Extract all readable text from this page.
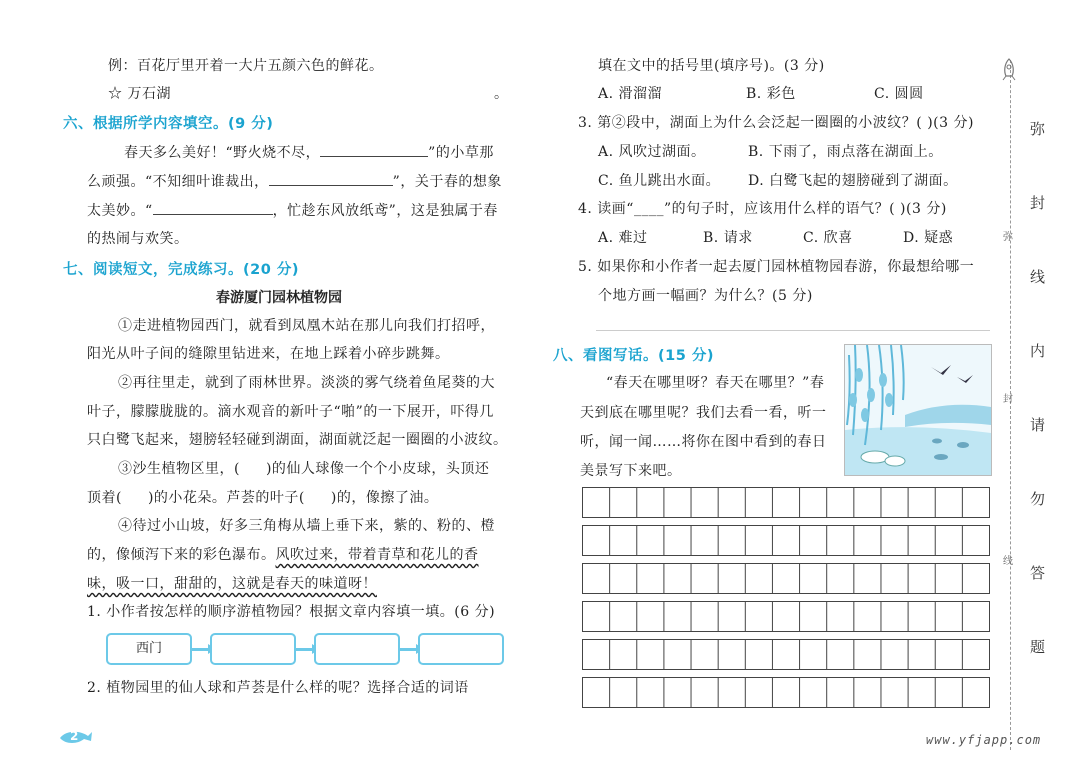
例：百花厅里开着一大片五颜六色的鲜花。
☆ 万石湖	。
六、根据所学内容填空。(9 分)
春天多么美好！“野火烧不尽，	”的小草那
么顽强。“不知细叶谁裁出，	”，关于春的想象
太美妙。“	，忙趁东风放纸鸢”，这是独属于春
的热闹与欢笑。
七、阅读短文，完成练习。(20 分)
春游厦门园林植物园
①走进植物园西门，就看到凤凰木站在那儿向我们打招呼，
阳光从叶子间的缝隙里钻进来，在地上踩着小碎步跳舞。
②再往里走，就到了雨林世界。淡淡的雾气绕着鱼尾葵的大
叶子，朦朦胧胧的。滴水观音的新叶子“啪”的一下展开，吓得几
只白鹭飞起来，翅膀轻轻碰到湖面，湖面就泛起一圈圈的小波纹。
③沙生植物区里，( )的仙人球像一个个小皮球，头顶还
顶着( )的小花朵。芦荟的叶子( )的，像擦了油。
④待过小山坡，好多三角梅从墙上垂下来，紫的、粉的、橙
的，像倾泻下来的彩色瀑布。风吹过来，带着青草和花儿的香
味，吸一口，甜甜的，这就是春天的味道呀！
1. 小作者按怎样的顺序游植物园？根据文章内容填一填。(6 分)
西门
2. 植物园里的仙人球和芦荟是什么样的呢？选择合适的词语
2
填在文中的括号里(填序号)。(3 分)
A. 滑溜溜	B. 彩色	C. 圆圆
3. 第②段中，湖面上为什么会泛起一圈圈的小波纹？( )(3 分)
A. 风吹过湖面。	B. 下雨了，雨点落在湖面上。
C. 鱼儿跳出水面。 D. 白鹭飞起的翅膀碰到了湖面。
4. 读画“____”的句子时，应该用什么样的语气？( )(3 分)
A. 难过	B. 请求	C. 欣喜	D. 疑惑
5. 如果你和小作者一起去厦门园林植物园春游，你最想给哪一
个地方画一幅画？为什么？(5 分)
八、看图写话。(15 分)
“春天在哪里呀？春天在哪里？”春
天到底在哪里呢？我们去看一看，听一
听，闻一闻……将你在图中看到的春日
美景写下来吧。
弥
封
线
内
请
勿
答
题
弥
封
线
www.yfjapp.com
